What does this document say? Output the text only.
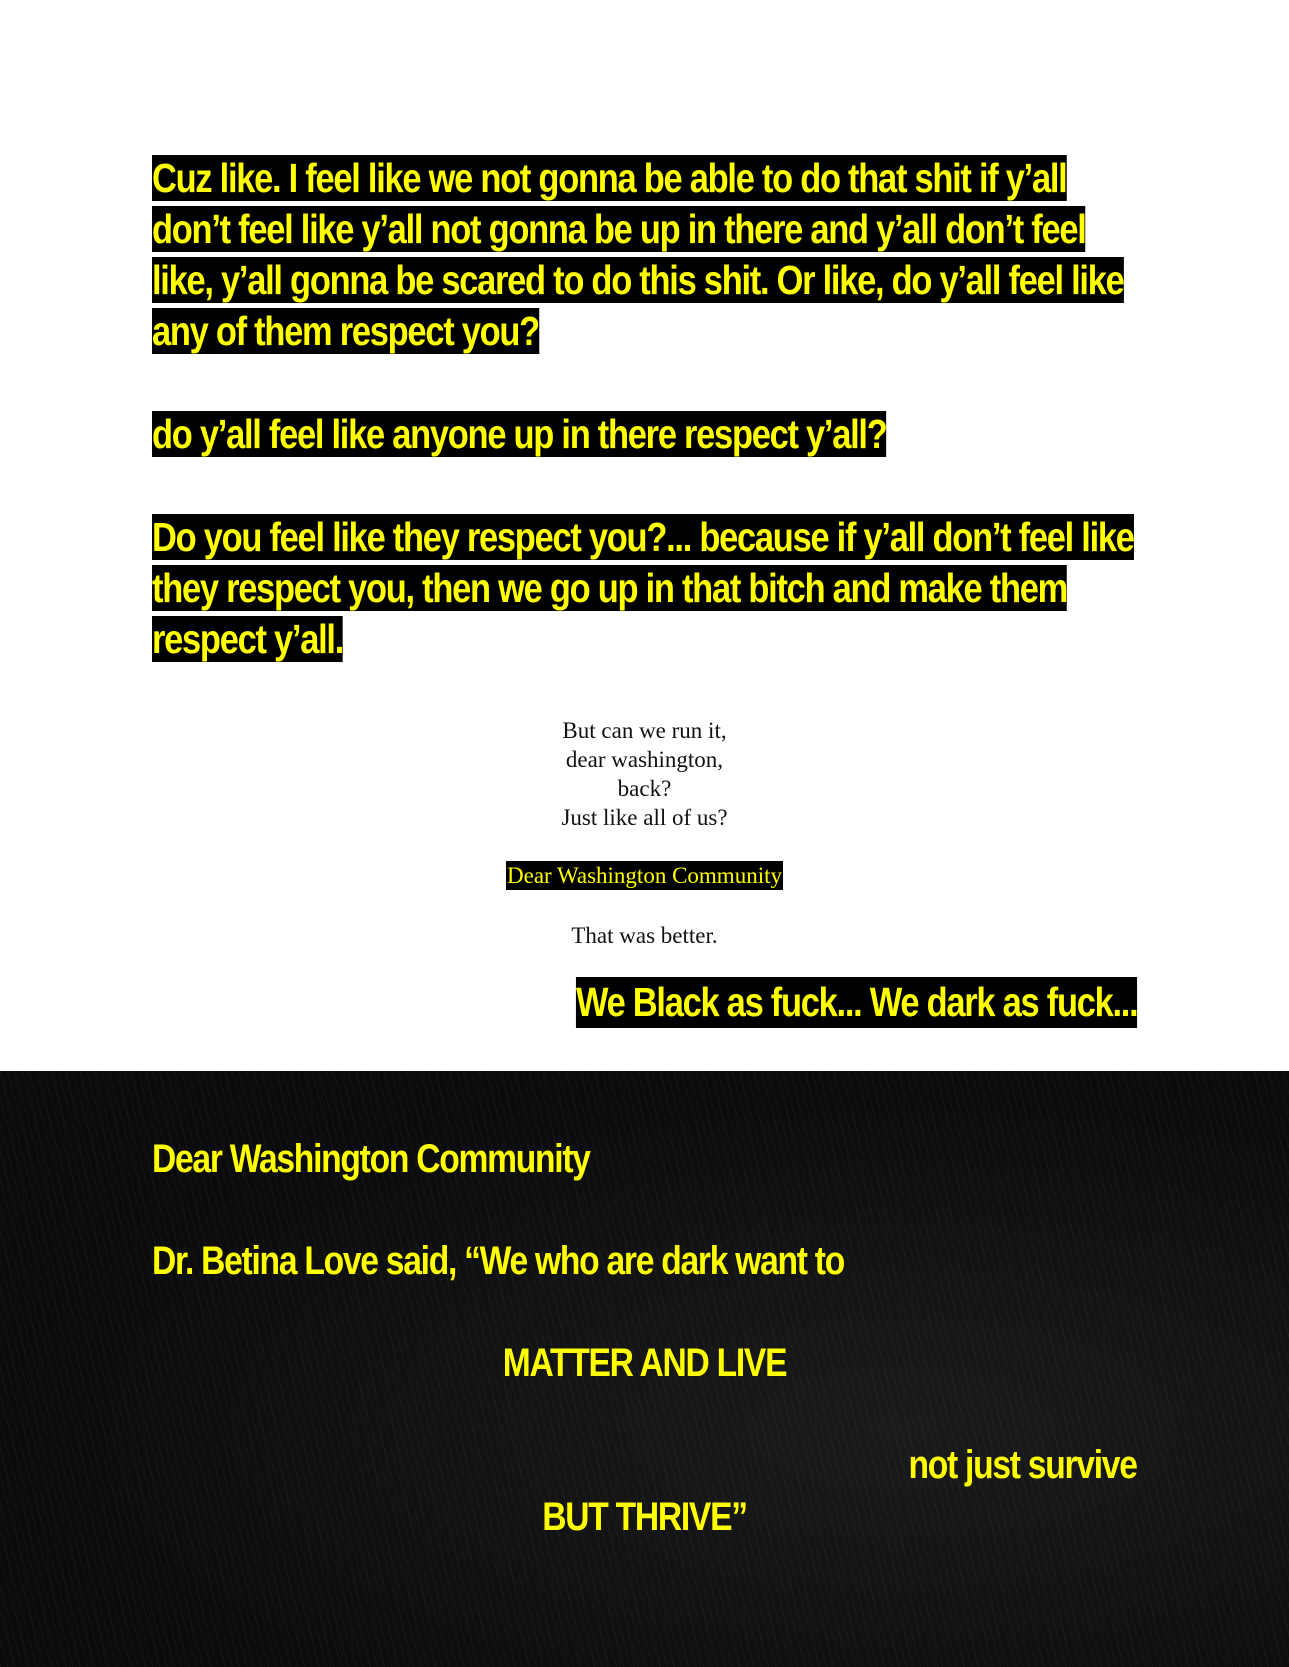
Cuz like. I feel like we not gonna be able to do that shit if y’all don’t feel like y’all not gonna be up in there and y’all don’t feel like, y’all gonna be scared to do this shit. Or like, do y’all feel like any of them respect you?
do y’all feel like anyone up in there respect y’all?
Do you feel like they respect you?... because if y’all don’t feel like they respect you, then we go up in that bitch and make them respect y’all.
But can we run it,
dear washington,
back?
Just like all of us?
Dear Washington Community
That was better.
We Black as fuck... We dark as fuck...
Dear Washington Community
Dr. Betina Love said, “We who are dark want to
MATTER AND LIVE
not just survive
BUT THRIVE”
